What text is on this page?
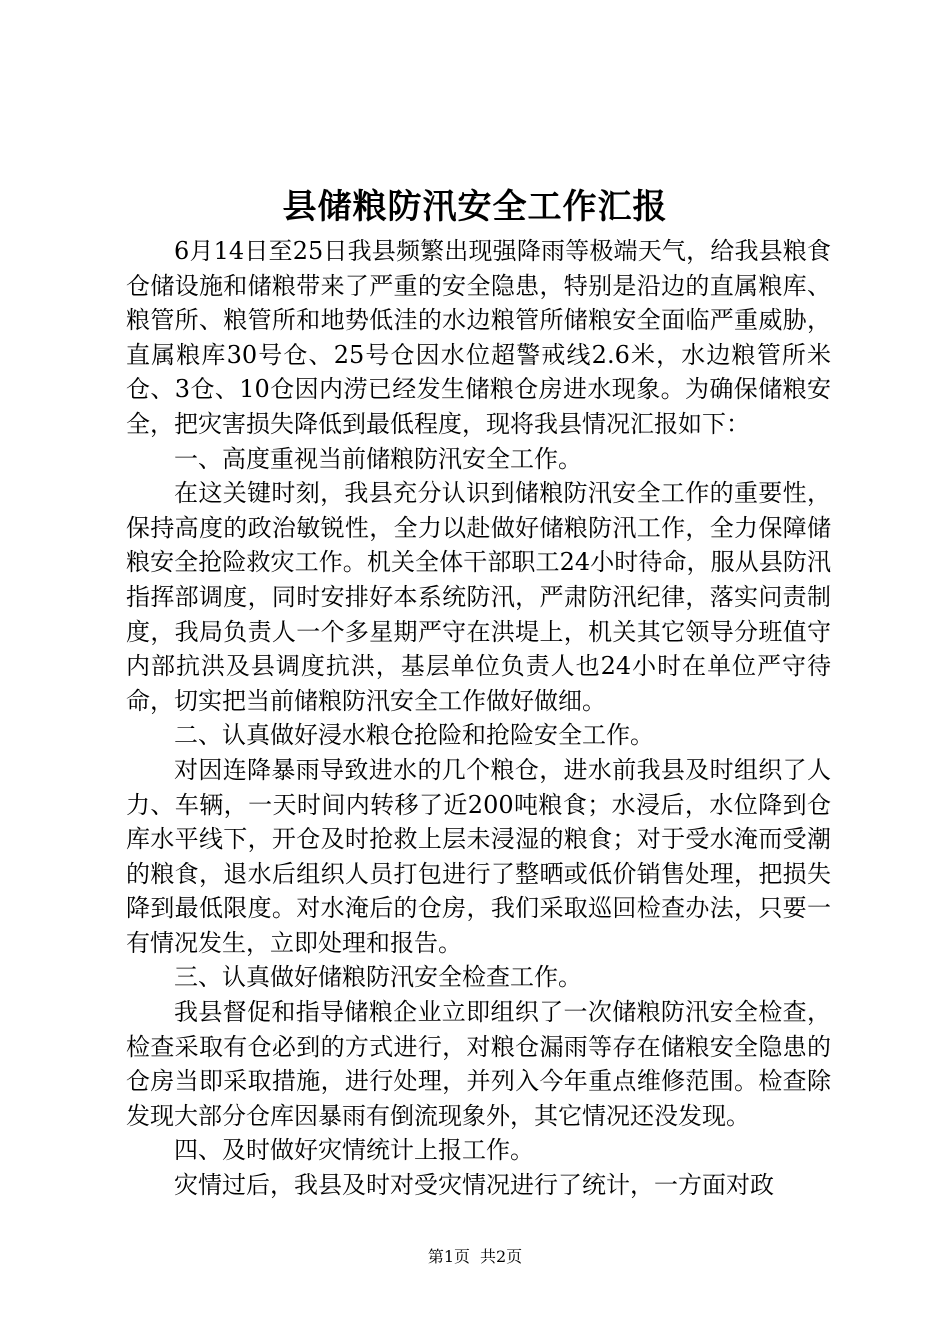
县储粮防汛安全工作汇报

6月14日至25日我县频繁出现强降雨等极端天气，给我县粮食仓储设施和储粮带来了严重的安全隐患，特别是沿边的直属粮库、粮管所、粮管所和地势低洼的水边粮管所储粮安全面临严重威胁，直属粮库30号仓、25号仓因水位超警戒线2.6米，水边粮管所米仓、3仓、10仓因内涝已经发生储粮仓房进水现象。为确保储粮安全，把灾害损失降低到最低程度，现将我县情况汇报如下：

一、高度重视当前储粮防汛安全工作。

在这关键时刻，我县充分认识到储粮防汛安全工作的重要性，保持高度的政治敏锐性，全力以赴做好储粮防汛工作，全力保障储粮安全抢险救灾工作。机关全体干部职工24小时待命，服从县防汛指挥部调度，同时安排好本系统防汛，严肃防汛纪律，落实问责制度，我局负责人一个多星期严守在洪堤上，机关其它领导分班值守内部抗洪及县调度抗洪，基层单位负责人也24小时在单位严守待命，切实把当前储粮防汛安全工作做好做细。

二、认真做好浸水粮仓抢险和抢险安全工作。

对因连降暴雨导致进水的几个粮仓，进水前我县及时组织了人力、车辆，一天时间内转移了近200吨粮食；水浸后，水位降到仓库水平线下，开仓及时抢救上层未浸湿的粮食；对于受水淹而受潮的粮食，退水后组织人员打包进行了整晒或低价销售处理，把损失降到最低限度。对水淹后的仓房，我们采取巡回检查办法，只要一有情况发生，立即处理和报告。

三、认真做好储粮防汛安全检查工作。

我县督促和指导储粮企业立即组织了一次储粮防汛安全检查，检查采取有仓必到的方式进行，对粮仓漏雨等存在储粮安全隐患的仓房当即采取措施，进行处理，并列入今年重点维修范围。检查除发现大部分仓库因暴雨有倒流现象外，其它情况还没发现。

四、及时做好灾情统计上报工作。

灾情过后，我县及时对受灾情况进行了统计，一方面对政

第1页 共2页
